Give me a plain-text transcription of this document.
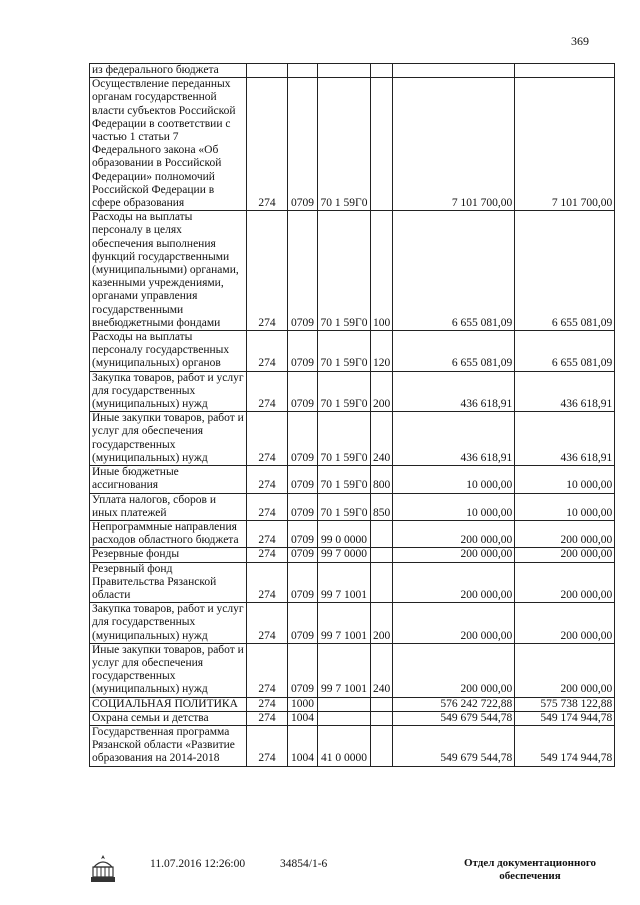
369
из федерального бюджета						
Осуществление переданных органам государственной власти субъектов Российской Федерации в соответствии с частью 1 статьи 7 Федерального закона «Об образовании в Российской Федерации» полномочий Российской Федерации в сфере образования	274	0709	70 1 59Г0		7 101 700,00	7 101 700,00
Расходы на выплаты персоналу в целях обеспечения выполнения функций государственными (муниципальными) органами, казенными учреждениями, органами управления государственными внебюджетными фондами	274	0709	70 1 59Г0	100	6 655 081,09	6 655 081,09
Расходы на выплаты персоналу государственных (муниципальных) органов	274	0709	70 1 59Г0	120	6 655 081,09	6 655 081,09
Закупка товаров, работ и услуг для государственных (муниципальных) нужд	274	0709	70 1 59Г0	200	436 618,91	436 618,91
Иные закупки товаров, работ и услуг для обеспечения государственных (муниципальных) нужд	274	0709	70 1 59Г0	240	436 618,91	436 618,91
Иные бюджетные ассигнования	274	0709	70 1 59Г0	800	10 000,00	10 000,00
Уплата налогов, сборов и иных платежей	274	0709	70 1 59Г0	850	10 000,00	10 000,00
Непрограммные направления расходов областного бюджета	274	0709	99 0 0000		200 000,00	200 000,00
Резервные фонды	274	0709	99 7 0000		200 000,00	200 000,00
Резервный фонд Правительства Рязанской области	274	0709	99 7 1001		200 000,00	200 000,00
Закупка товаров, работ и услуг для государственных (муниципальных) нужд	274	0709	99 7 1001	200	200 000,00	200 000,00
Иные закупки товаров, работ и услуг для обеспечения государственных (муниципальных) нужд	274	0709	99 7 1001	240	200 000,00	200 000,00
СОЦИАЛЬНАЯ ПОЛИТИКА	274	1000			576 242 722,88	575 738 122,88
Охрана семьи и детства	274	1004			549 679 544,78	549 174 944,78
Государственная программа Рязанской области «Развитие образования на 2014-2018	274	1004	41 0 0000		549 679 544,78	549 174 944,78
11.07.2016 12:26:00	34854/1-6	Отдел документационного
обеспечения
